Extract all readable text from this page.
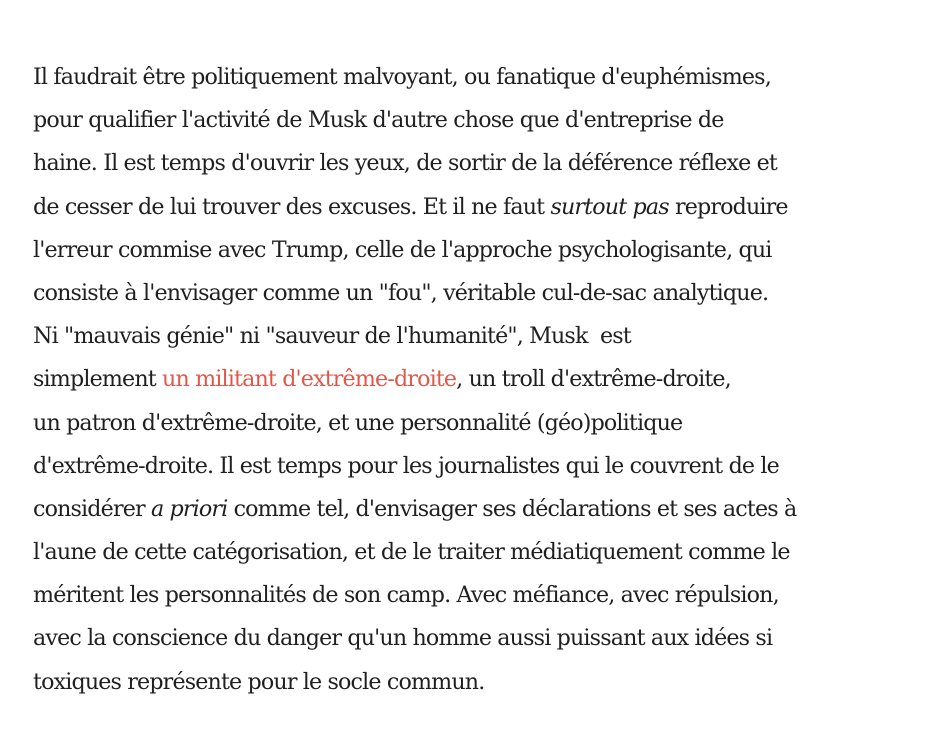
Il faudrait être politiquement malvoyant, ou fanatique d'euphémismes,
pour qualifier l'activité de Musk d'autre chose que d'entreprise de
haine. Il est temps d'ouvrir les yeux, de sortir de la déférence réflexe et
de cesser de lui trouver des excuses. Et il ne faut surtout pas reproduire
l'erreur commise avec Trump, celle de l'approche psychologisante, qui
consiste à l'envisager comme un "fou", véritable cul-de-sac analytique.
Ni "mauvais génie" ni "sauveur de l'humanité", Musk  est
simplement un militant d'extrême-droite, un troll d'extrême-droite,
un patron d'extrême-droite, et une personnalité (géo)politique
d'extrême-droite. Il est temps pour les journalistes qui le couvrent de le
considérer a priori comme tel, d'envisager ses déclarations et ses actes à
l'aune de cette catégorisation, et de le traiter médiatiquement comme le
méritent les personnalités de son camp. Avec méfiance, avec répulsion,
avec la conscience du danger qu'un homme aussi puissant aux idées si
toxiques représente pour le socle commun.
